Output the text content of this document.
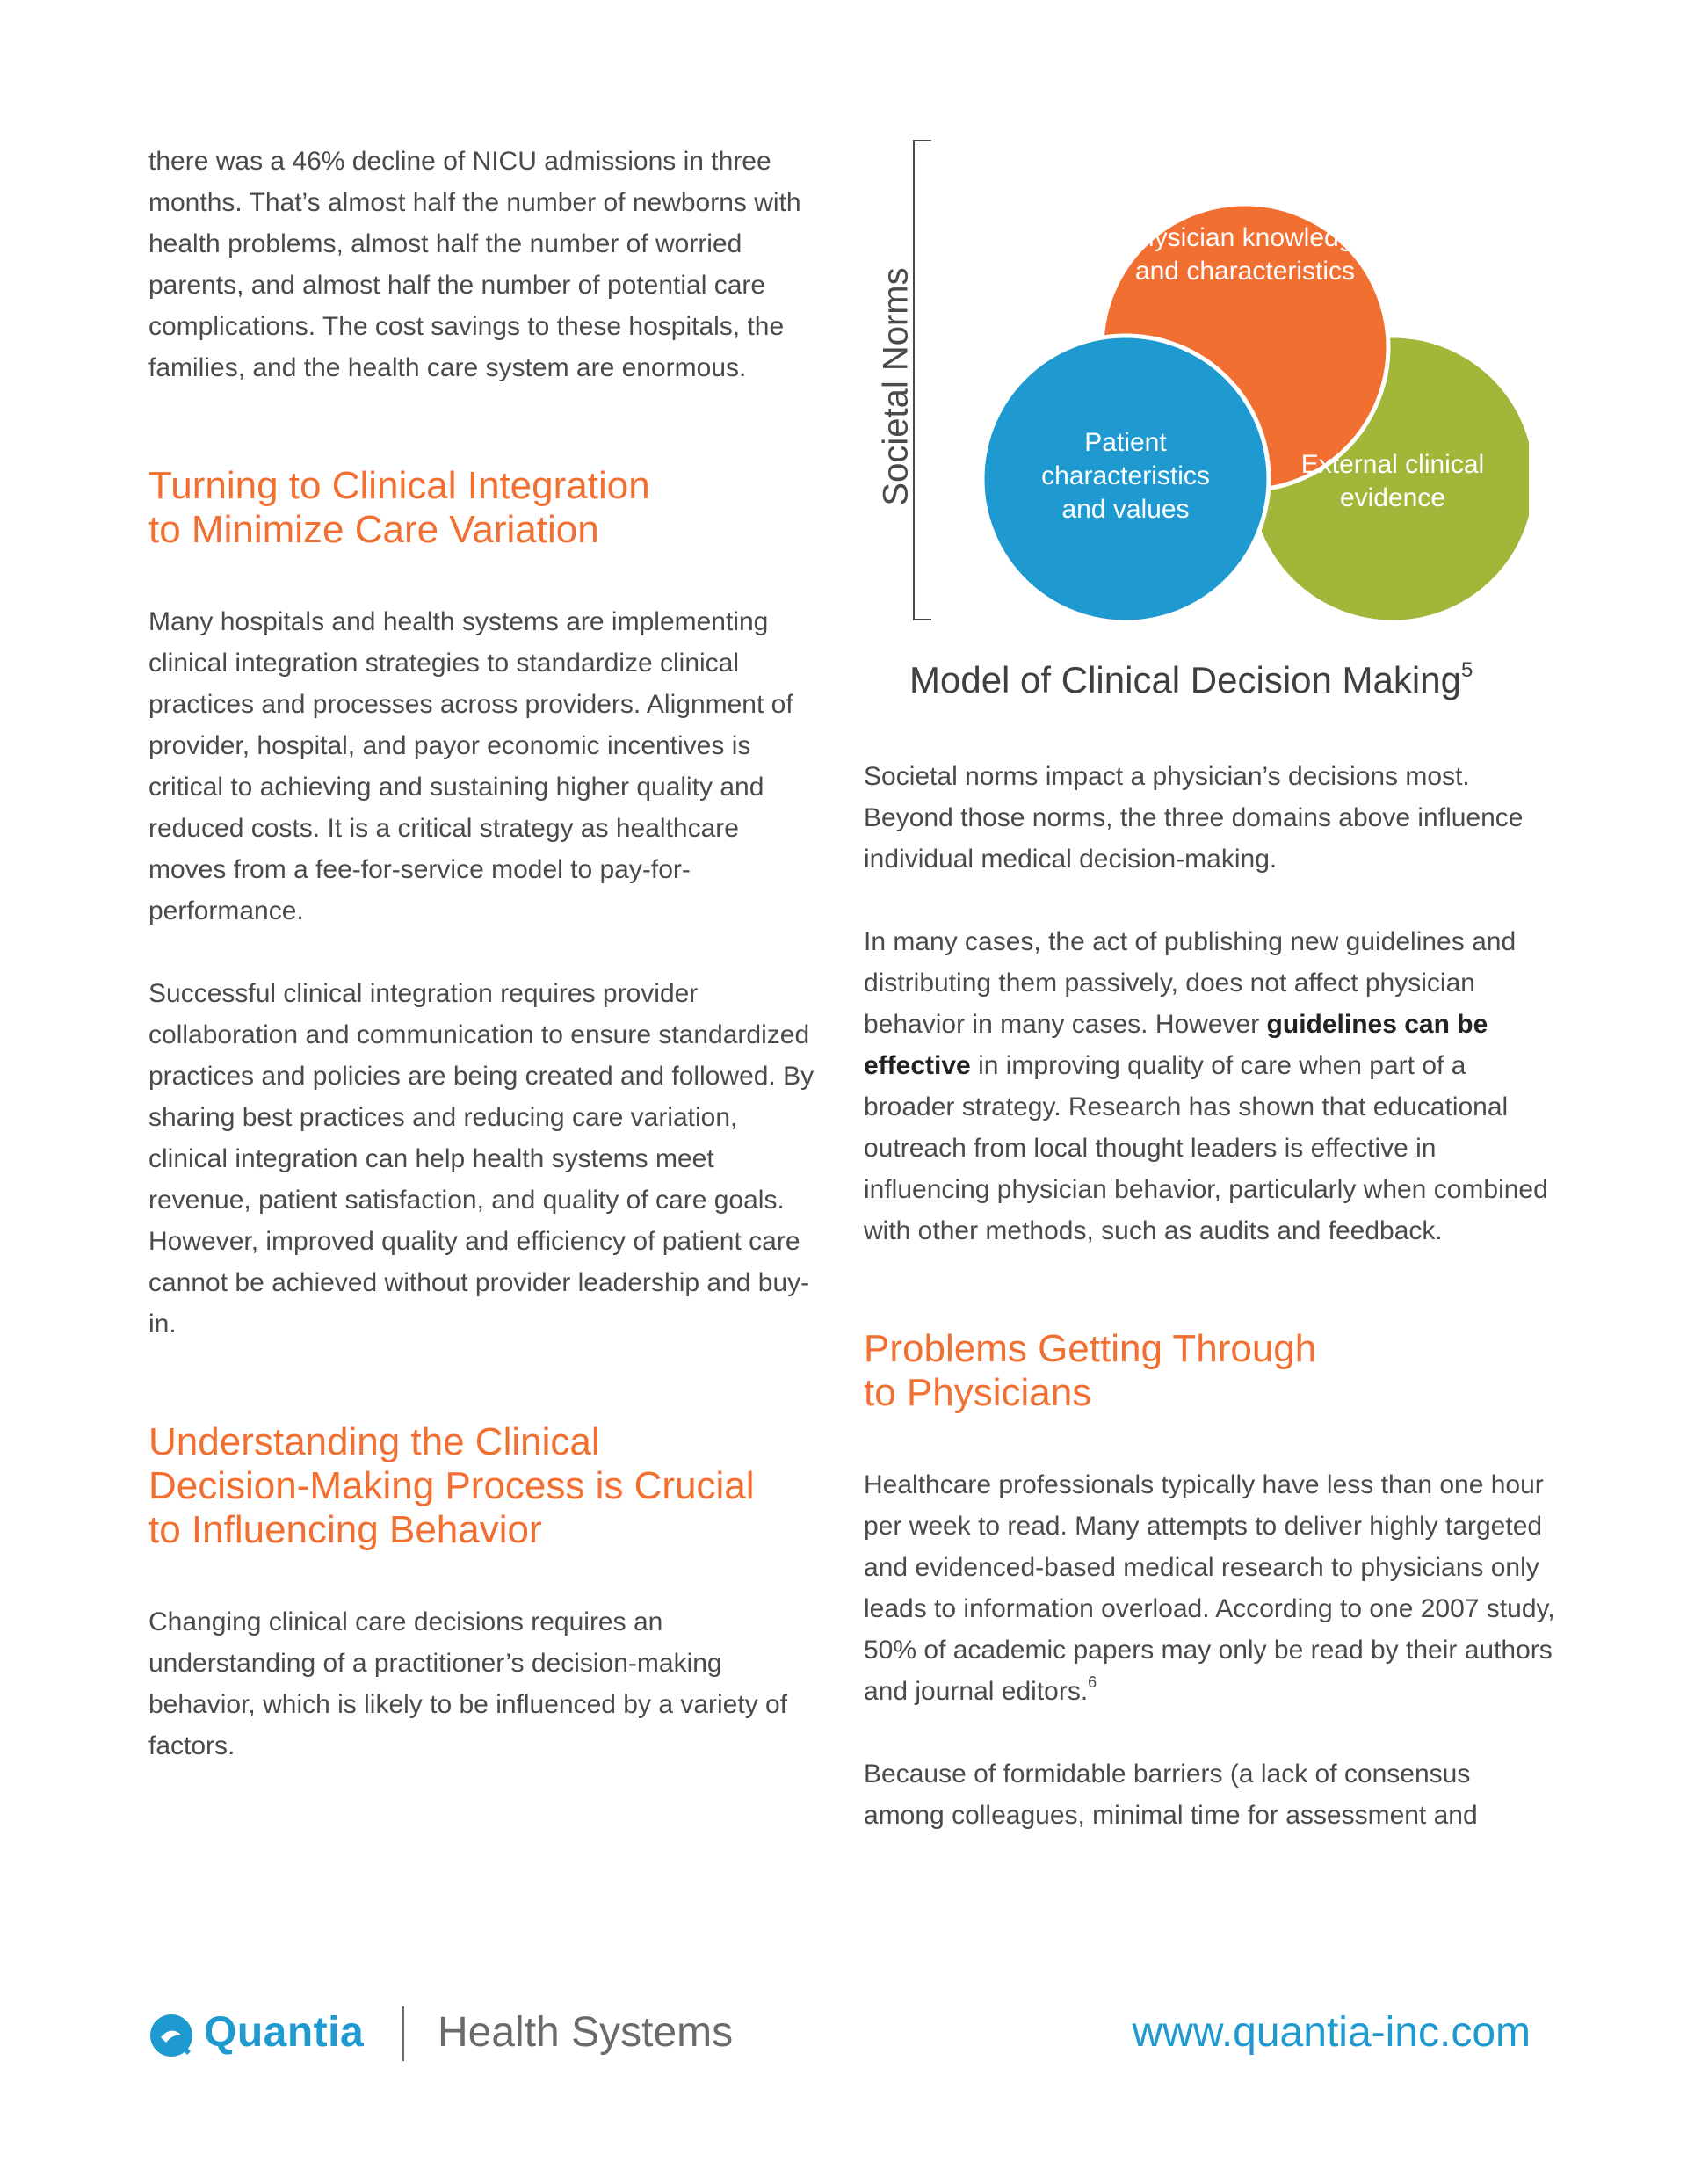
there was a 46% decline of NICU admissions in three months. That’s almost half the number of newborns with health problems, almost half the number of worried parents, and almost half the number of potential care complications. The cost savings to these hospitals, the families, and the health care system are enormous.

Turning to Clinical Integration
to Minimize Care Variation

Many hospitals and health systems are implementing clinical integration strategies to standardize clinical practices and processes across providers. Alignment of provider, hospital, and payor economic incentives is critical to achieving and sustaining higher quality and reduced costs. It is a critical strategy as healthcare moves from a fee-for-service model to pay-for-performance.

Successful clinical integration requires provider collaboration and communication to ensure standardized practices and policies are being created and followed. By sharing best practices and reducing care variation, clinical integration can help health systems meet revenue, patient satisfaction, and quality of care goals. However, improved quality and efficiency of patient care cannot be achieved without provider leadership and buy-in.

Understanding the Clinical
Decision-Making Process is Crucial
to Influencing Behavior

Changing clinical care decisions requires an understanding of a practitioner’s decision-making behavior, which is likely to be influenced by a variety of factors.

Societal Norms
Physician knowledge and characteristics
Patient characteristics and values
External clinical evidence
Model of Clinical Decision Making$^5$

Societal norms impact a physician’s decisions most. Beyond those norms, the three domains above influence individual medical decision-making.

In many cases, the act of publishing new guidelines and distributing them passively, does not affect physician behavior in many cases. However guidelines can be effective in improving quality of care when part of a broader strategy. Research has shown that educational outreach from local thought leaders is effective in influencing physician behavior, particularly when combined with other methods, such as audits and feedback.

Problems Getting Through
to Physicians

Healthcare professionals typically have less than one hour per week to read. Many attempts to deliver highly targeted and evidenced-based medical research to physicians only leads to information overload. According to one 2007 study, 50% of academic papers may only be read by their authors and journal editors.$^6$

Because of formidable barriers (a lack of consensus among colleagues, minimal time for assessment and

Quantia Health Systems	www.quantia-inc.com
